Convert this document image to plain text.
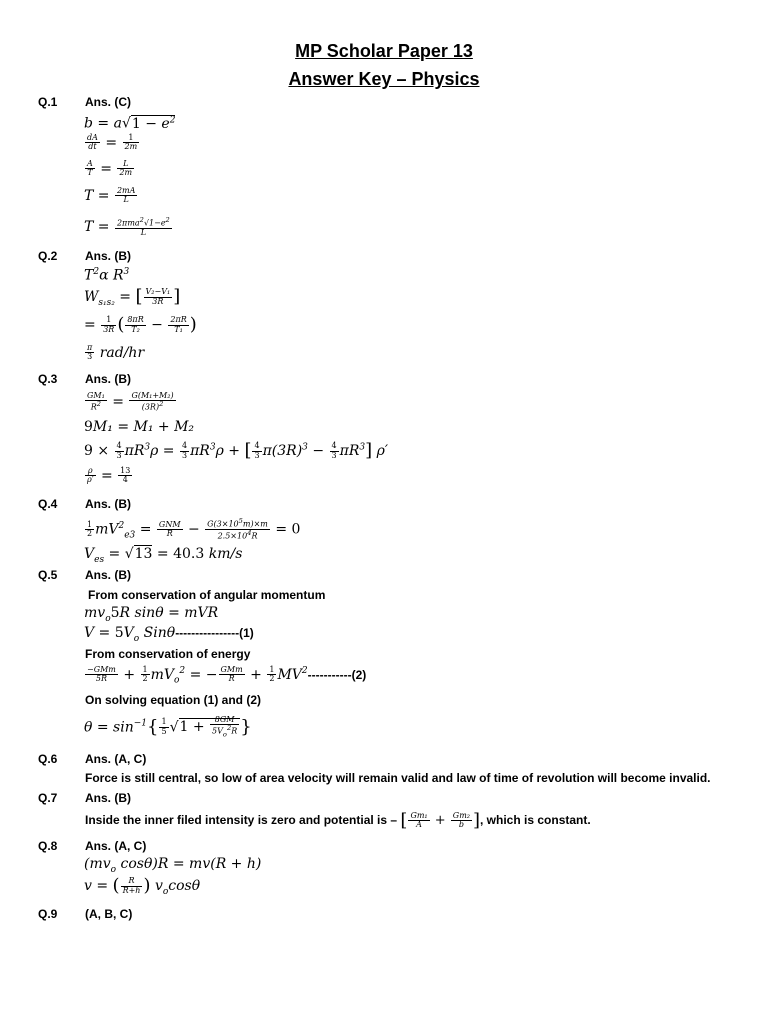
MP Scholar Paper 13
Answer Key – Physics
Q.1 Ans. (C)
$b = a√1 - e^2$
$\frac{dA}{dt} = \frac{1}{2m}$
$\frac{A}{T} = \frac{L}{2m}$
$T = \frac{2mA}{L}$
$T = \frac{2\pi ma^2√1-e^2}{L}$
Q.2 Ans. (B)
$T^2\alpha$ $R^3$
$W_{s_1s_2}$ = [ $\frac{\text{V₂−V₁}}{3R}$ ]
= $\frac{1}{3R}$ ( $\frac{8\pi R}{\text{T₂}} - \frac{2\pi R}{\text{T₁}}$ )
$\frac{\pi}{3} rad/hr$
Q.3 Ans. (B)
$\frac{\text{GM₁}}{R^2} = \frac{\text{G(M₁+M₂)}}{(3R)^2}$
9M₁ = M₁ + M₂
$9 \times \frac{4}{3} \pi R^3\rho = \frac{4}{3} \pi R^3\rho$ + [ $\frac{4}{3} \pi(3R)^3 - \frac{4}{3} \pi R^3$] ρ′
$\frac{\rho}{\rho'} = \frac{13}{4}$
Q.4 Ans. (B)
$\frac{1}{2} mV^2_{e3} = \frac{\text{GNM}}{R} - \frac{G(3\times 10^5m)\times m}{2.5\times 10^4R} = 0$
$V_{es} = √13 = 40.3$ km/s
Q.5 Ans. (B)
From conservation of angular momentum
$mv_o5R$ sinθ = mVR
$V = 5V_o$ Sinθ----------------(1)
From conservation of energy
$\frac{\text{−GMm}}{5R} + \frac{1}{2} mV_o^2$ = − $\frac{\text{GMm}}{R} + \frac{1}{2} MV^2-----------(2)$
On solving equation (1) and (2)
$\theta = \sin^{-1}\{ \frac{1}{5} √1 + \frac{8GM}{5V_o^2R}$ }
Q.6 Ans. (A, C)
Force is still central, so low of area velocity will remain valid and law of time of revolution will become invalid.
Q.7 Ans. (B)
Inside the inner filed intensity is zero and potential is – [ $\frac{\text{Gm₁}}{A} + \frac{\text{Gm₂}}{b}$ ], which is constant.
Q.8 Ans. (A, C)
($mv_o$ cosθ)R = mv(R + h)
v = ( $\frac{R}{R+h}$ ) $v_o\cos\theta$
Q.9 (A, B, C)
